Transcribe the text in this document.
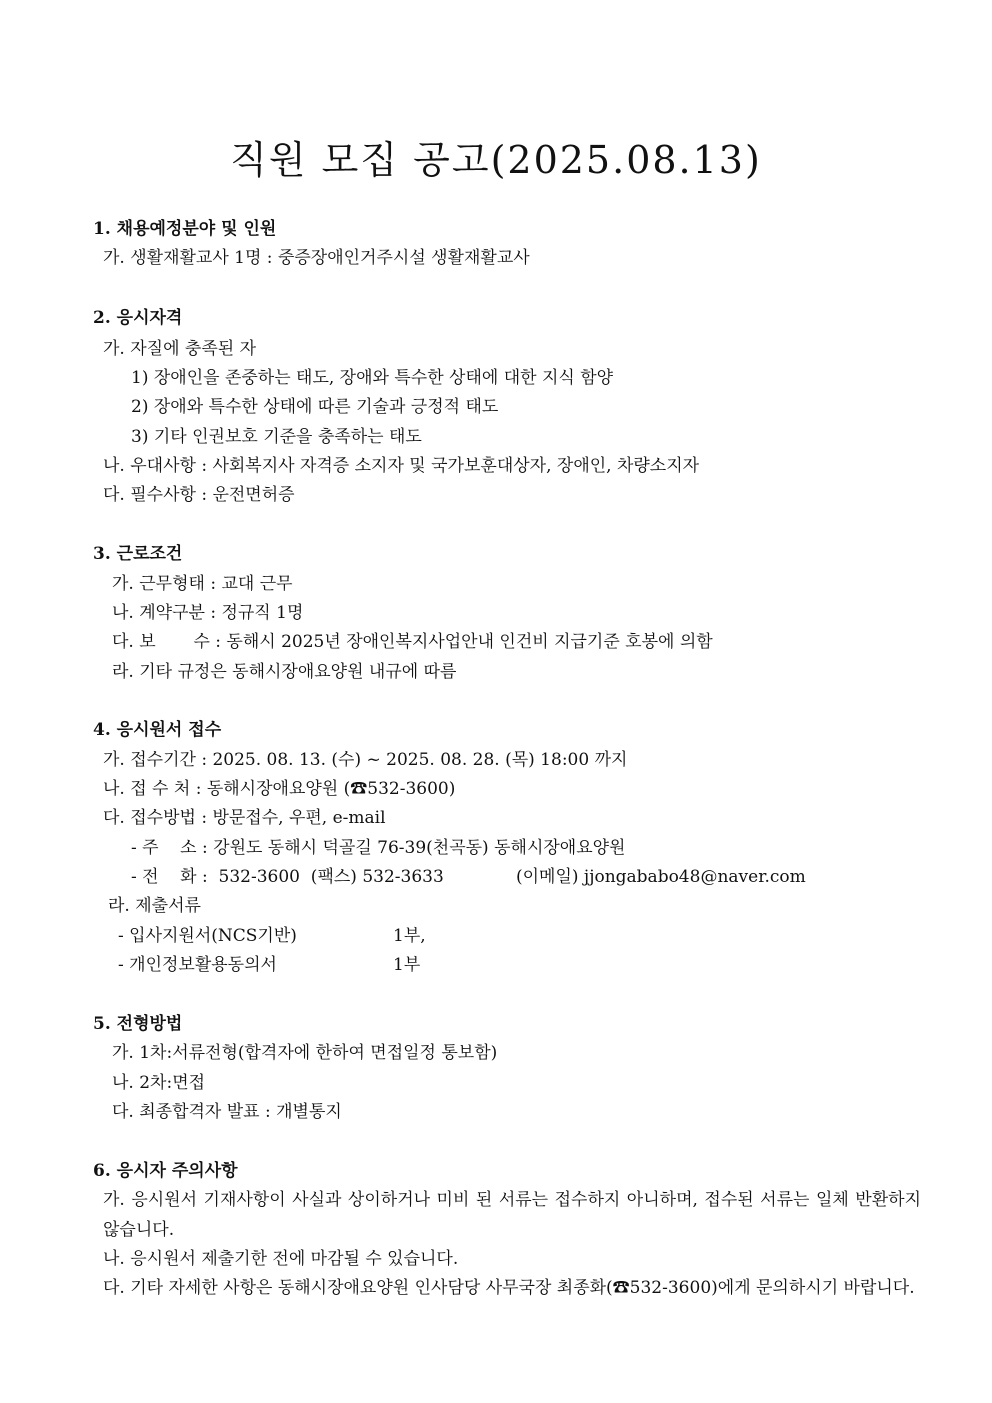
직원 모집 공고(2025.08.13)
1. 채용예정분야 및 인원
가. 생활재활교사 1명 : 중증장애인거주시설 생활재활교사
2. 응시자격
가. 자질에 충족된 자
1) 장애인을 존중하는 태도, 장애와 특수한 상태에 대한 지식 함양
2) 장애와 특수한 상태에 따른 기술과 긍정적 태도
3) 기타 인권보호 기준을 충족하는 태도
나. 우대사항 : 사회복지사 자격증 소지자 및 국가보훈대상자, 장애인, 차량소지자
다. 필수사항 : 운전면허증
3. 근로조건
가. 근무형태 : 교대 근무
나. 계약구분 : 정규직 1명
다. 보       수 : 동해시 2025년 장애인복지사업안내 인건비 지급기준 호봉에 의함
라. 기타 규정은 동해시장애요양원 내규에 따름
4. 응시원서 접수
가. 접수기간 : 2025. 08. 13. (수) ~ 2025. 08. 28. (목) 18:00 까지
나. 접 수 처 : 동해시장애요양원 (☎532-3600)
다. 접수방법 : 방문접수, 우편, e-mail
- 주    소 : 강원도 동해시 덕골길 76-39(천곡동) 동해시장애요양원
- 전    화 :  532-3600  (팩스) 532-3633	(이메일) jjongababo48@naver.com
라. 제출서류
- 입사지원서(NCS기반)	1부,
- 개인정보활용동의서	1부
5. 전형방법
가. 1차:서류전형(합격자에 한하여 면접일정 통보함)
나. 2차:면접
다. 최종합격자 발표 : 개별통지
6. 응시자 주의사항
가. 응시원서 기재사항이 사실과 상이하거나 미비 된 서류는 접수하지 아니하며, 접수된 서류는 일체 반환하지 않습니다.
나. 응시원서 제출기한 전에 마감될 수 있습니다.
다. 기타 자세한 사항은 동해시장애요양원 인사담당 사무국장 최종화(☎532-3600)에게 문의하시기 바랍니다.
